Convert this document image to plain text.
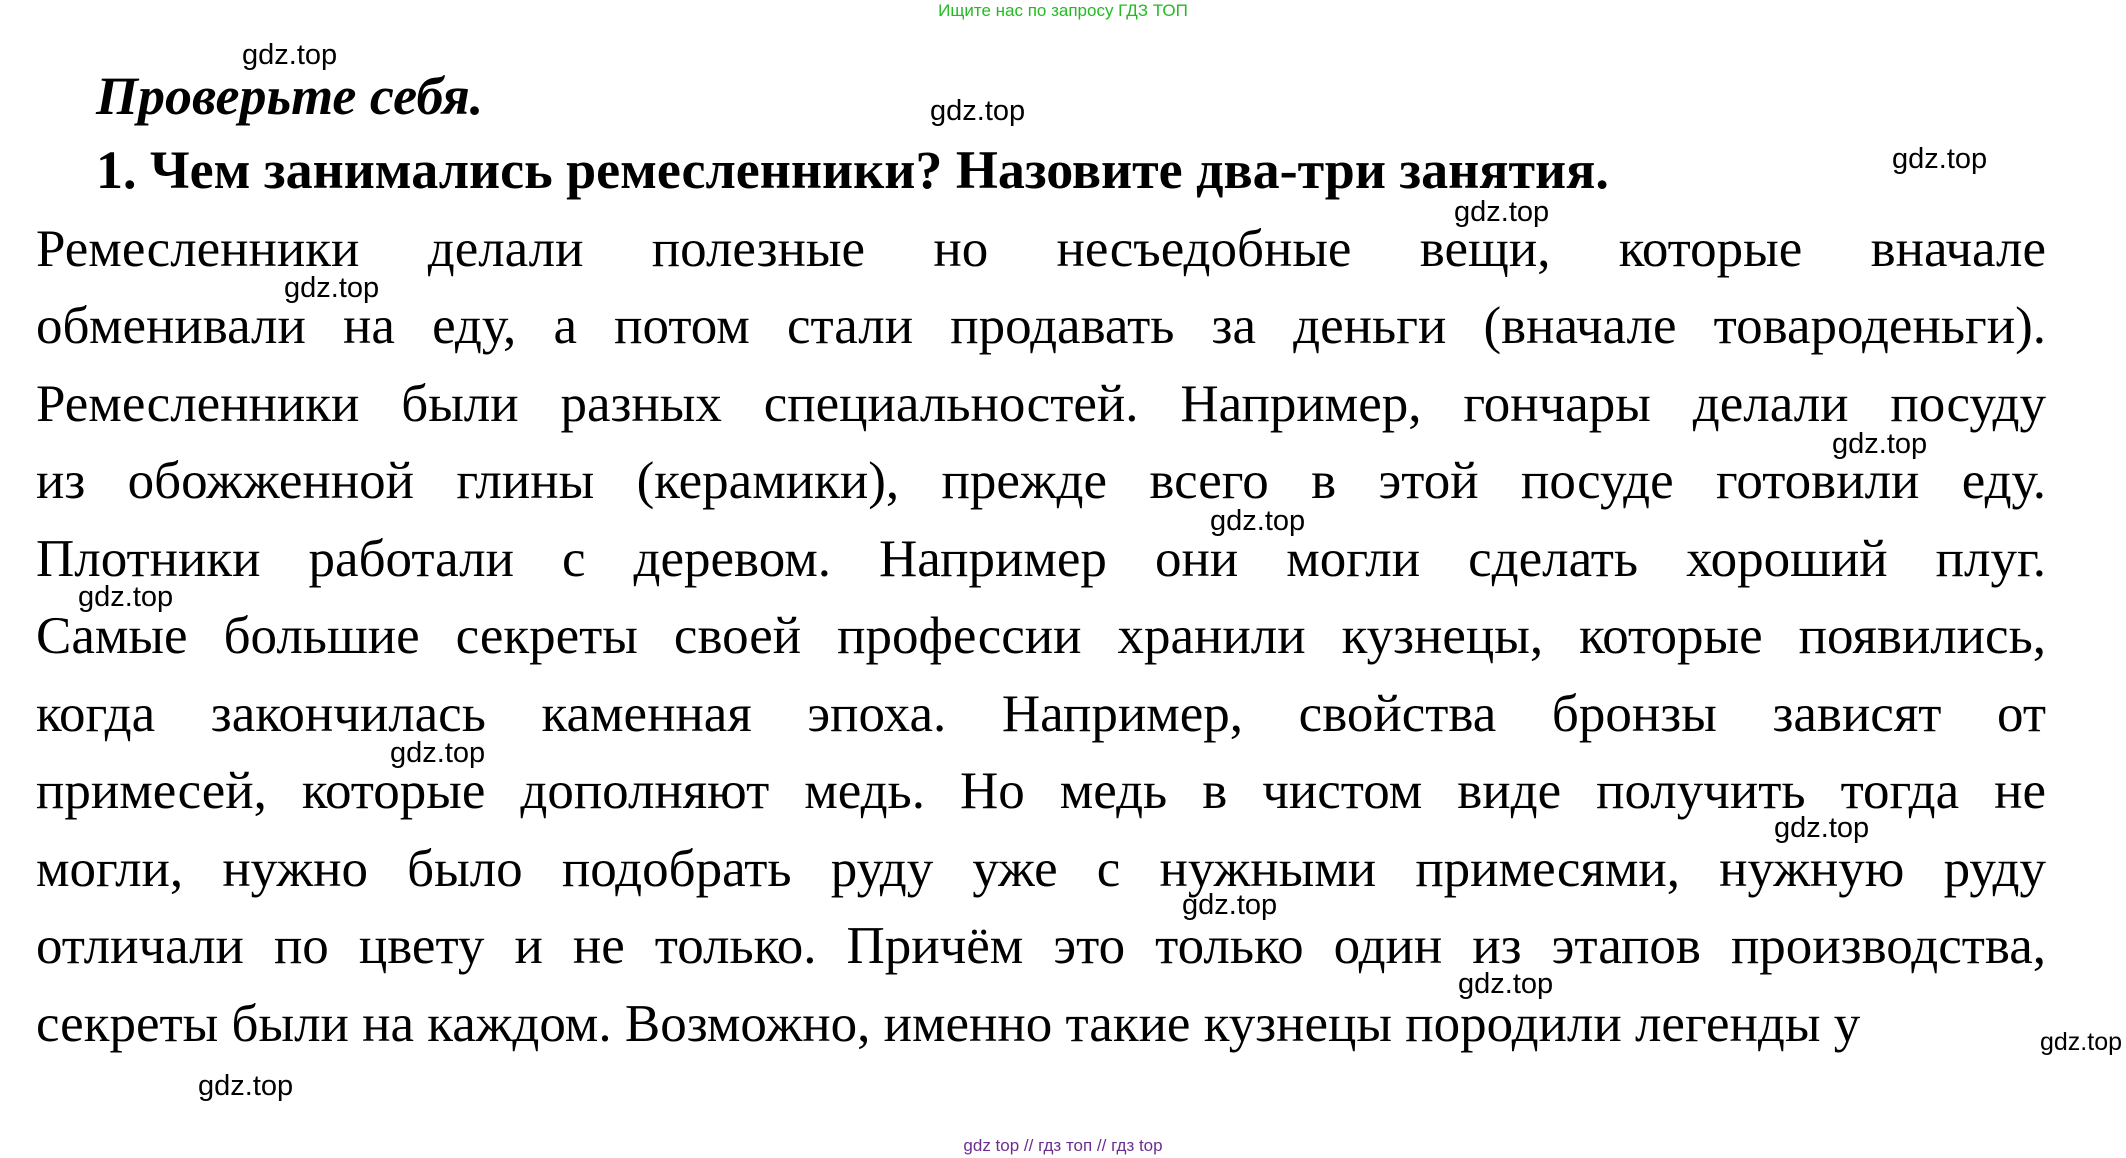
Ищите нас по запросу ГДЗ ТОП
Проверьте себя.
1. Чем занимались ремесленники? Назовите два-три занятия.
Ремесленники делали полезные но несъедобные вещи, которые вначале
обменивали на еду, а потом стали продавать за деньги (вначале товароденьги).
Ремесленники были разных специальностей. Например, гончары делали посуду
из обожженной глины (керамики), прежде всего в этой посуде готовили еду.
Плотники работали с деревом. Например они могли сделать хороший плуг.
Самые большие секреты своей профессии хранили кузнецы, которые появились,
когда закончилась каменная эпоха. Например, свойства бронзы зависят от
примесей, которые дополняют медь. Но медь в чистом виде получить тогда не
могли, нужно было подобрать руду уже с нужными примесями, нужную руду
отличали по цвету и не только. Причём это только один из этапов производства,
секреты были на каждом. Возможно, именно такие кузнецы породили легенды у
gdz.top
gdz.top
gdz.top
gdz.top
gdz.top
gdz.top
gdz.top
gdz.top
gdz.top
gdz.top
gdz.top
gdz.top
gdz.top
gdz.top
gdz top // гдз топ // гдз top
